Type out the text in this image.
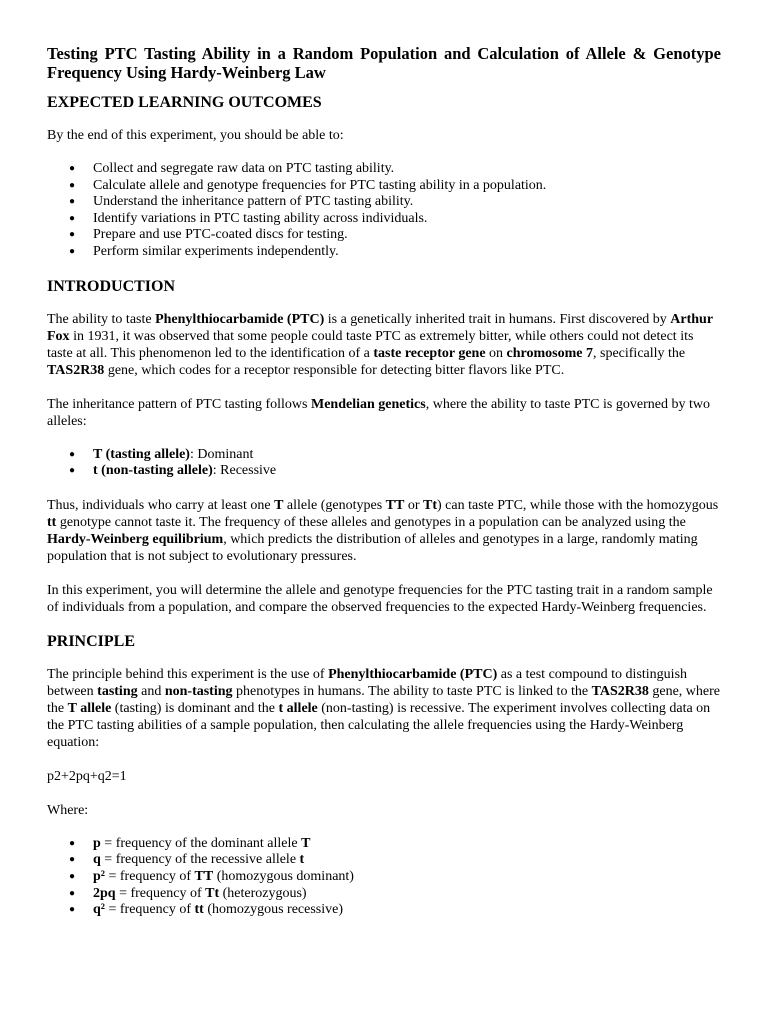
Testing PTC Tasting Ability in a Random Population and Calculation of Allele & Genotype Frequency Using Hardy-Weinberg Law
EXPECTED LEARNING OUTCOMES

By the end of this experiment, you should be able to:

● Collect and segregate raw data on PTC tasting ability.
● Calculate allele and genotype frequencies for PTC tasting ability in a population.
● Understand the inheritance pattern of PTC tasting ability.
● Identify variations in PTC tasting ability across individuals.
● Prepare and use PTC-coated discs for testing.
● Perform similar experiments independently.
INTRODUCTION

The ability to taste Phenylthiocarbamide (PTC) is a genetically inherited trait in humans. First discovered by Arthur Fox in 1931, it was observed that some people could taste PTC as extremely bitter, while others could not detect its taste at all. This phenomenon led to the identification of a taste receptor gene on chromosome 7, specifically the TAS2R38 gene, which codes for a receptor responsible for detecting bitter flavors like PTC.

The inheritance pattern of PTC tasting follows Mendelian genetics, where the ability to taste PTC is governed by two alleles:

● T (tasting allele): Dominant
● t (non-tasting allele): Recessive

Thus, individuals who carry at least one T allele (genotypes TT or Tt) can taste PTC, while those with the homozygous tt genotype cannot taste it. The frequency of these alleles and genotypes in a population can be analyzed using the Hardy-Weinberg equilibrium, which predicts the distribution of alleles and genotypes in a large, randomly mating population that is not subject to evolutionary pressures.

In this experiment, you will determine the allele and genotype frequencies for the PTC tasting trait in a random sample of individuals from a population, and compare the observed frequencies to the expected Hardy-Weinberg frequencies.

PRINCIPLE

The principle behind this experiment is the use of Phenylthiocarbamide (PTC) as a test compound to distinguish between tasting and non-tasting phenotypes in humans. The ability to taste PTC is linked to the TAS2R38 gene, where the T allele (tasting) is dominant and the t allele (non-tasting) is recessive. The experiment involves collecting data on the PTC tasting abilities of a sample population, then calculating the allele frequencies using the Hardy-Weinberg equation:

p2+2pq+q2=1

Where:

● p = frequency of the dominant allele T
● q = frequency of the recessive allele t
● p² = frequency of TT (homozygous dominant)
● 2pq = frequency of Tt (heterozygous)
● q² = frequency of tt (homozygous recessive)
